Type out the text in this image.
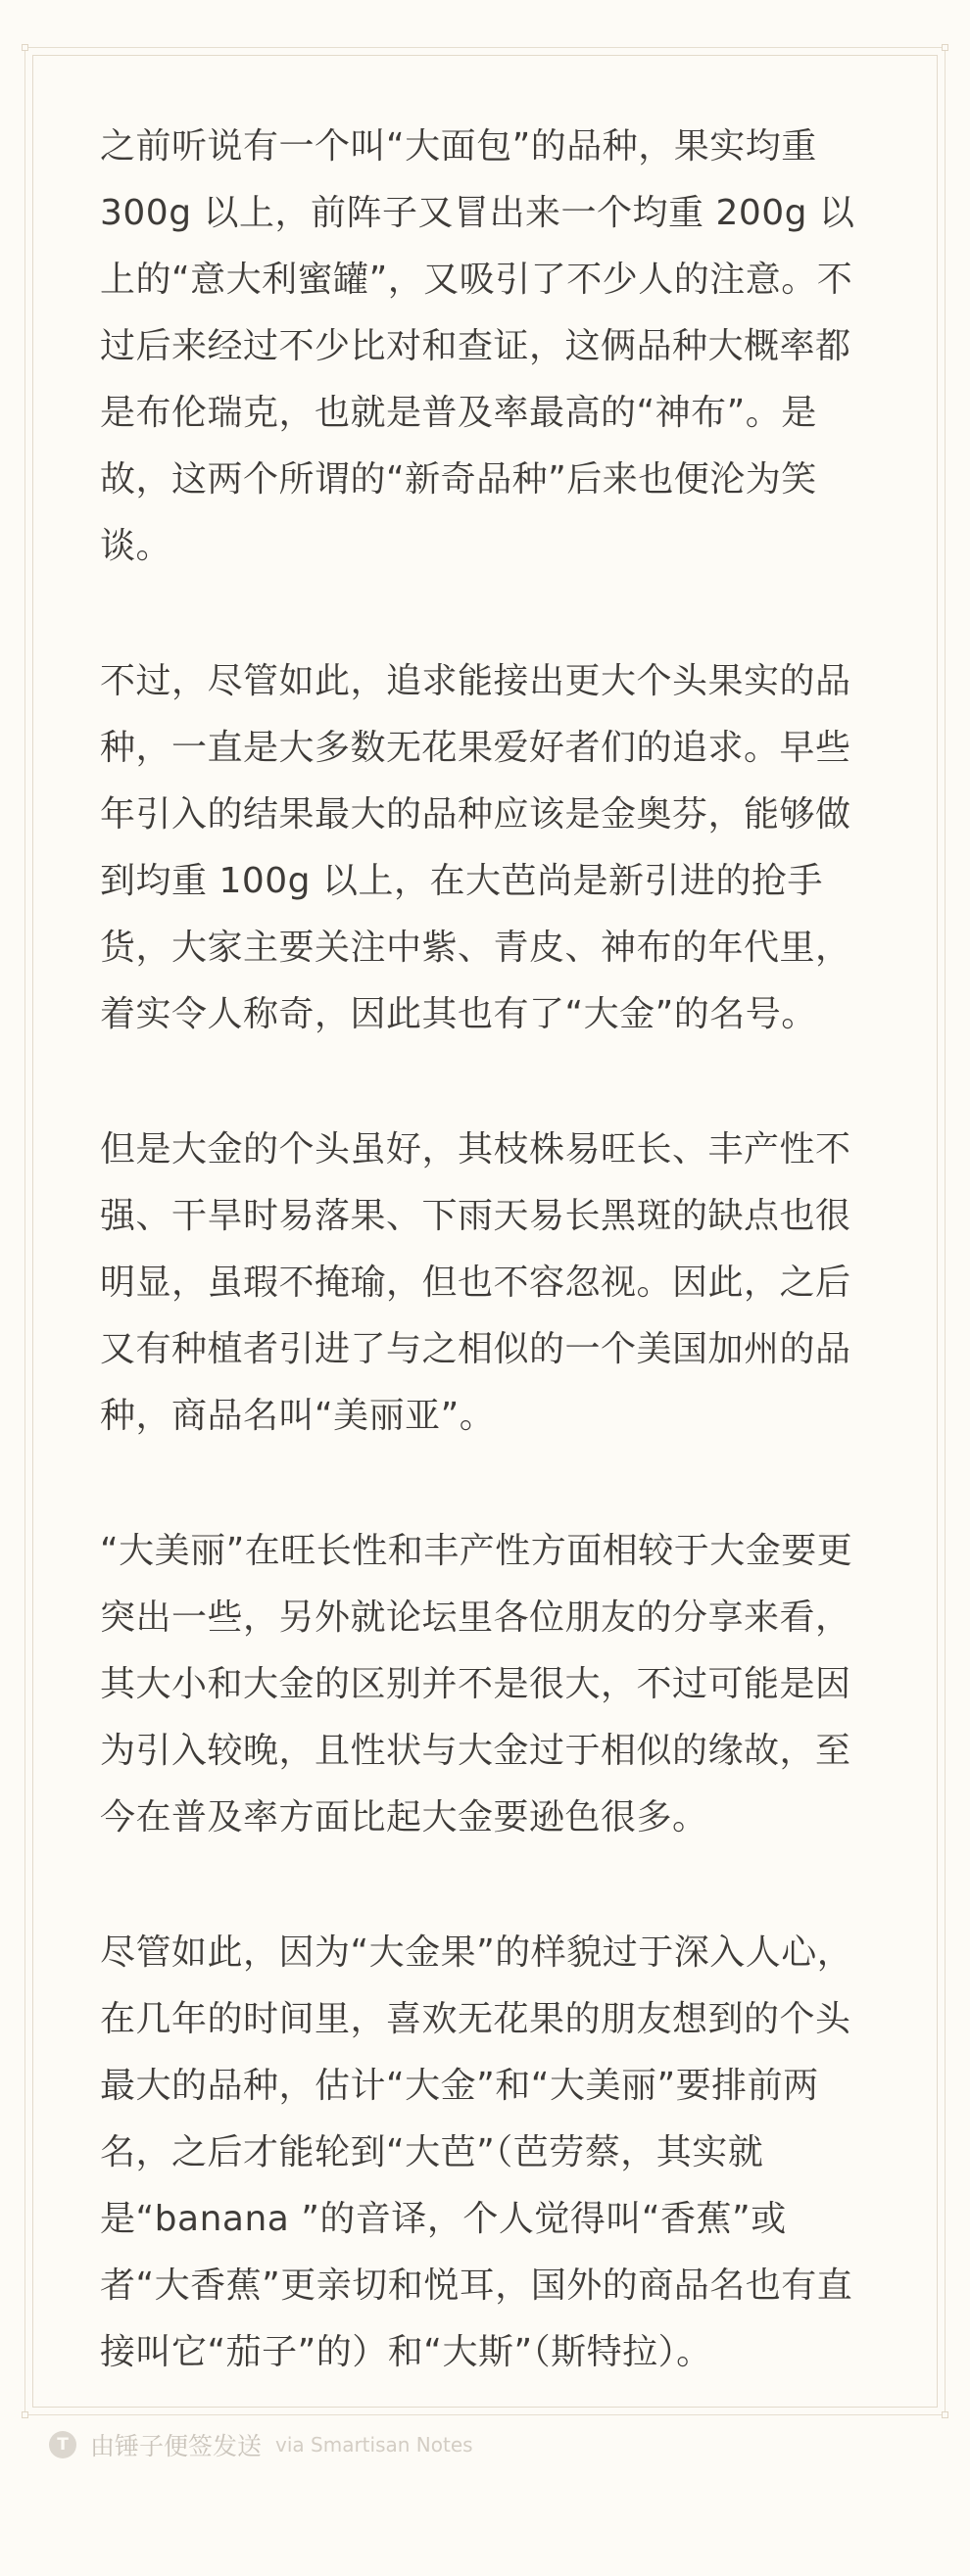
之前听说有一个叫“大面包”的品种，果实均重300g 以上，前阵子又冒出来一个均重 200g 以上的“意大利蜜罐”，又吸引了不少人的注意。不过后来经过不少比对和查证，这俩品种大概率都是布伦瑞克，也就是普及率最高的“神布”。是故，这两个所谓的“新奇品种”后来也便沦为笑谈。

不过，尽管如此，追求能接出更大个头果实的品种，一直是大多数无花果爱好者们的追求。早些年引入的结果最大的品种应该是金奥芬，能够做到均重 100g 以上，在大芭尚是新引进的抢手货，大家主要关注中紫、青皮、神布的年代里，着实令人称奇，因此其也有了“大金”的名号。

但是大金的个头虽好，其枝株易旺长、丰产性不强、干旱时易落果、下雨天易长黑斑的缺点也很明显，虽瑕不掩瑜，但也不容忽视。因此，之后又有种植者引进了与之相似的一个美国加州的品种，商品名叫“美丽亚”。

“大美丽”在旺长性和丰产性方面相较于大金要更突出一些，另外就论坛里各位朋友的分享来看，其大小和大金的区别并不是很大，不过可能是因为引入较晚，且性状与大金过于相似的缘故，至今在普及率方面比起大金要逊色很多。

尽管如此，因为“大金果”的样貌过于深入人心，在几年的时间里，喜欢无花果的朋友想到的个头最大的品种，估计“大金”和“大美丽”要排前两名，之后才能轮到“大芭”（芭劳蔡，其实就是“banana ”的音译，个人觉得叫“香蕉”或者“大香蕉”更亲切和悦耳，国外的商品名也有直接叫它“茄子”的）和“大斯”（斯特拉）。

T 由锤子便签发送 via Smartisan Notes
